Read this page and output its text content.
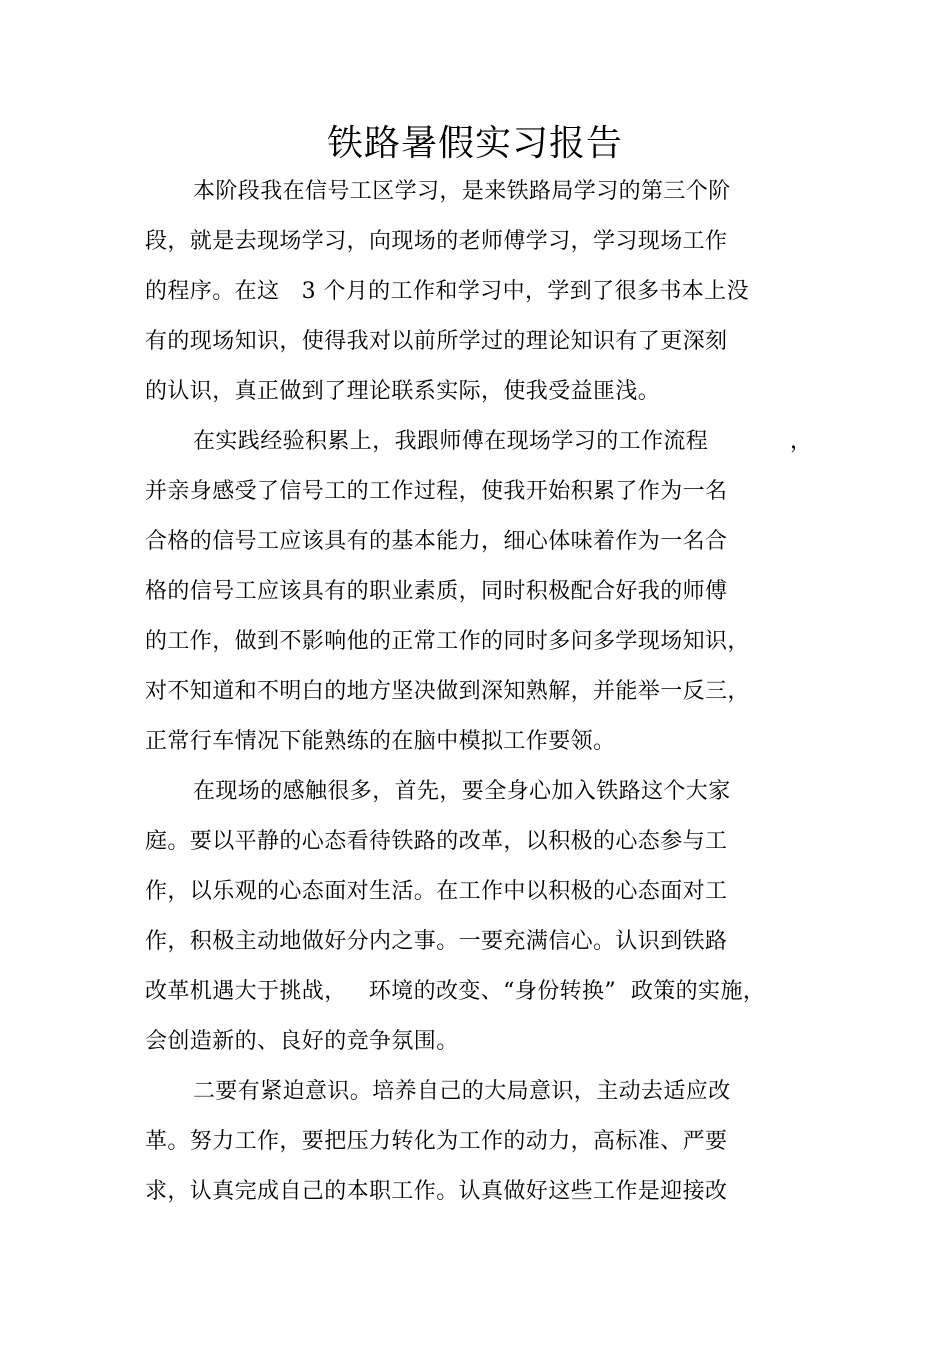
铁路暑假实习报告
本阶段我在信号工区学习，是来铁路局学习的第三个阶
段，就是去现场学习，向现场的老师傅学习，学习现场工作
的程序。在这   3 个月的工作和学习中，学到了很多书本上没
有的现场知识，使得我对以前所学过的理论知识有了更深刻
的认识，真正做到了理论联系实际，使我受益匪浅。
在实践经验积累上，我跟师傅在现场学习的工作流程	，
并亲身感受了信号工的工作过程，使我开始积累了作为一名
合格的信号工应该具有的基本能力，细心体味着作为一名合
格的信号工应该具有的职业素质，同时积极配合好我的师傅
的工作，做到不影响他的正常工作的同时多问多学现场知识，
对不知道和不明白的地方坚决做到深知熟解，并能举一反三，
正常行车情况下能熟练的在脑中模拟工作要领。
在现场的感触很多，首先，要全身心加入铁路这个大家
庭。要以平静的心态看待铁路的改革，以积极的心态参与工
作，以乐观的心态面对生活。在工作中以积极的心态面对工
作，积极主动地做好分内之事。一要充满信心。认识到铁路
改革机遇大于挑战，   环境的改变、“身份转换”  政策的实施，
会创造新的、良好的竞争氛围。
二要有紧迫意识。培养自己的大局意识，主动去适应改
革。努力工作，要把压力转化为工作的动力，高标准、严要
求，认真完成自己的本职工作。认真做好这些工作是迎接改
